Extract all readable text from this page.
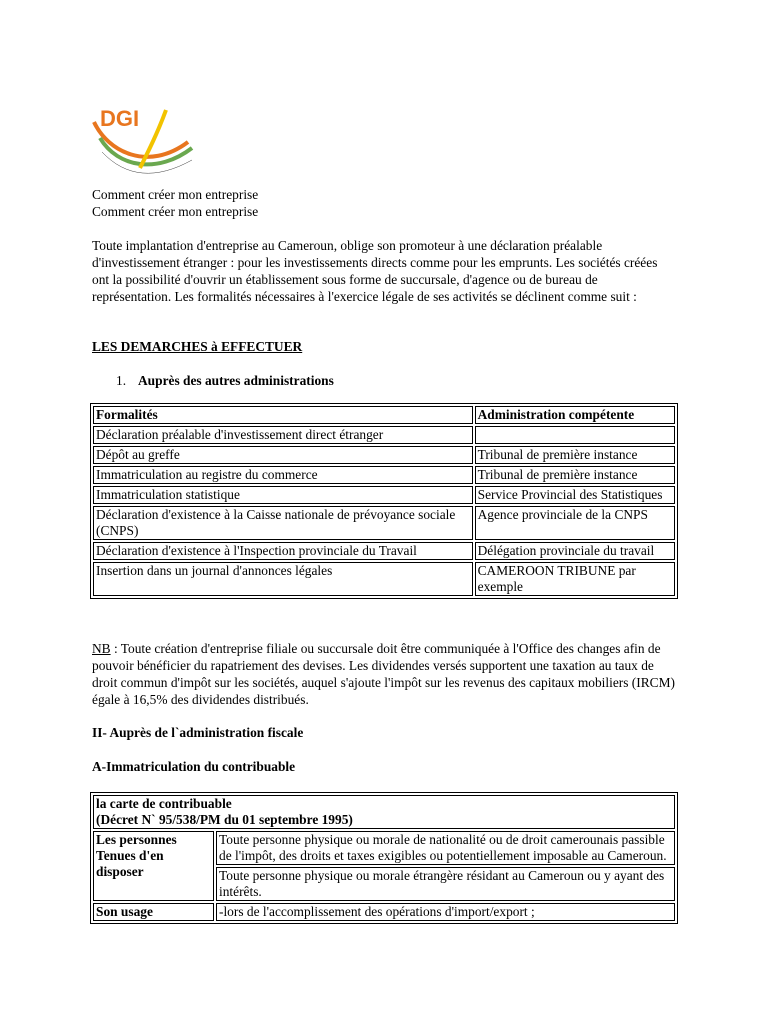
DGI
Comment créer mon entreprise
Comment créer mon entreprise
Toute implantation d'entreprise au Cameroun, oblige son promoteur à une déclaration préalable d'investissement étranger : pour les investissements directs comme pour les emprunts. Les sociétés créées ont la possibilité d'ouvrir un établissement sous forme de succursale, d'agence ou de bureau de représentation. Les formalités nécessaires à l'exercice légale de ses activités se déclinent comme suit :
LES DEMARCHES à EFFECTUER
1. Auprès des autres administrations
Formalités	Administration compétente
Déclaration préalable d'investissement direct étranger	
Dépôt au greffe	Tribunal de première instance
Immatriculation au registre du commerce	Tribunal de première instance
Immatriculation statistique	Service Provincial des Statistiques
Déclaration d'existence à la Caisse nationale de prévoyance sociale (CNPS)	Agence provinciale de la CNPS
Déclaration d'existence à l'Inspection provinciale du Travail	Délégation provinciale du travail
Insertion dans un journal d'annonces légales	CAMEROON TRIBUNE par exemple
NB : Toute création d'entreprise filiale ou succursale doit être communiquée à l'Office des changes afin de pouvoir bénéficier du rapatriement des devises. Les dividendes versés supportent une taxation au taux de droit commun d'impôt sur les sociétés, auquel s'ajoute l'impôt sur les revenus des capitaux mobiliers (IRCM) égale à 16,5% des dividendes distribués.
II- Auprès de l`administration fiscale
A-Immatriculation du contribuable
la carte de contribuable
(Décret N` 95/538/PM du 01 septembre 1995)	

Les personnes Tenues d'en disposer	Toute personne physique ou morale de nationalité ou de droit camerounais passible de l'impôt, des droits et taxes exigibles ou potentiellement imposable au Cameroun.
	Toute personne physique ou morale étrangère résidant au Cameroun ou y ayant des intérêts.
Son usage	-lors de l'accomplissement des opérations d'import/export ;
